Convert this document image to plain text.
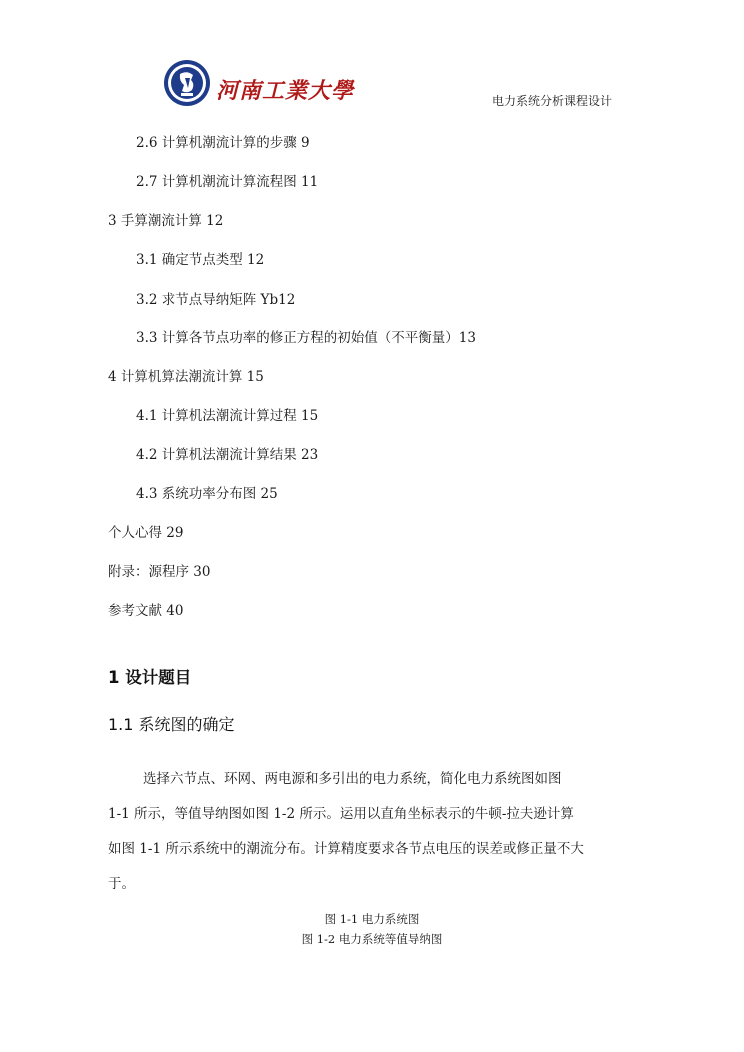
河南工業大學	电力系统分析课程设计
2.6 计算机潮流计算的步骤 9
2.7 计算机潮流计算流程图 11
3 手算潮流计算 12
3.1 确定节点类型 12
3.2 求节点导纳矩阵 Yb12
3.3 计算各节点功率的修正方程的初始值（不平衡量）13
4 计算机算法潮流计算 15
4.1 计算机法潮流计算过程 15
4.2 计算机法潮流计算结果 23
4.3 系统功率分布图 25
个人心得 29
附录：源程序 30
参考文献 40
1 设计题目
1.1 系统图的确定
选择六节点、环网、两电源和多引出的电力系统，简化电力系统图如图
1-1 所示，等值导纳图如图 1-2 所示。运用以直角坐标表示的牛顿-拉夫逊计算
如图 1-1 所示系统中的潮流分布。计算精度要求各节点电压的误差或修正量不大
于。
图 1-1 电力系统图
图 1-2 电力系统等值导纳图
